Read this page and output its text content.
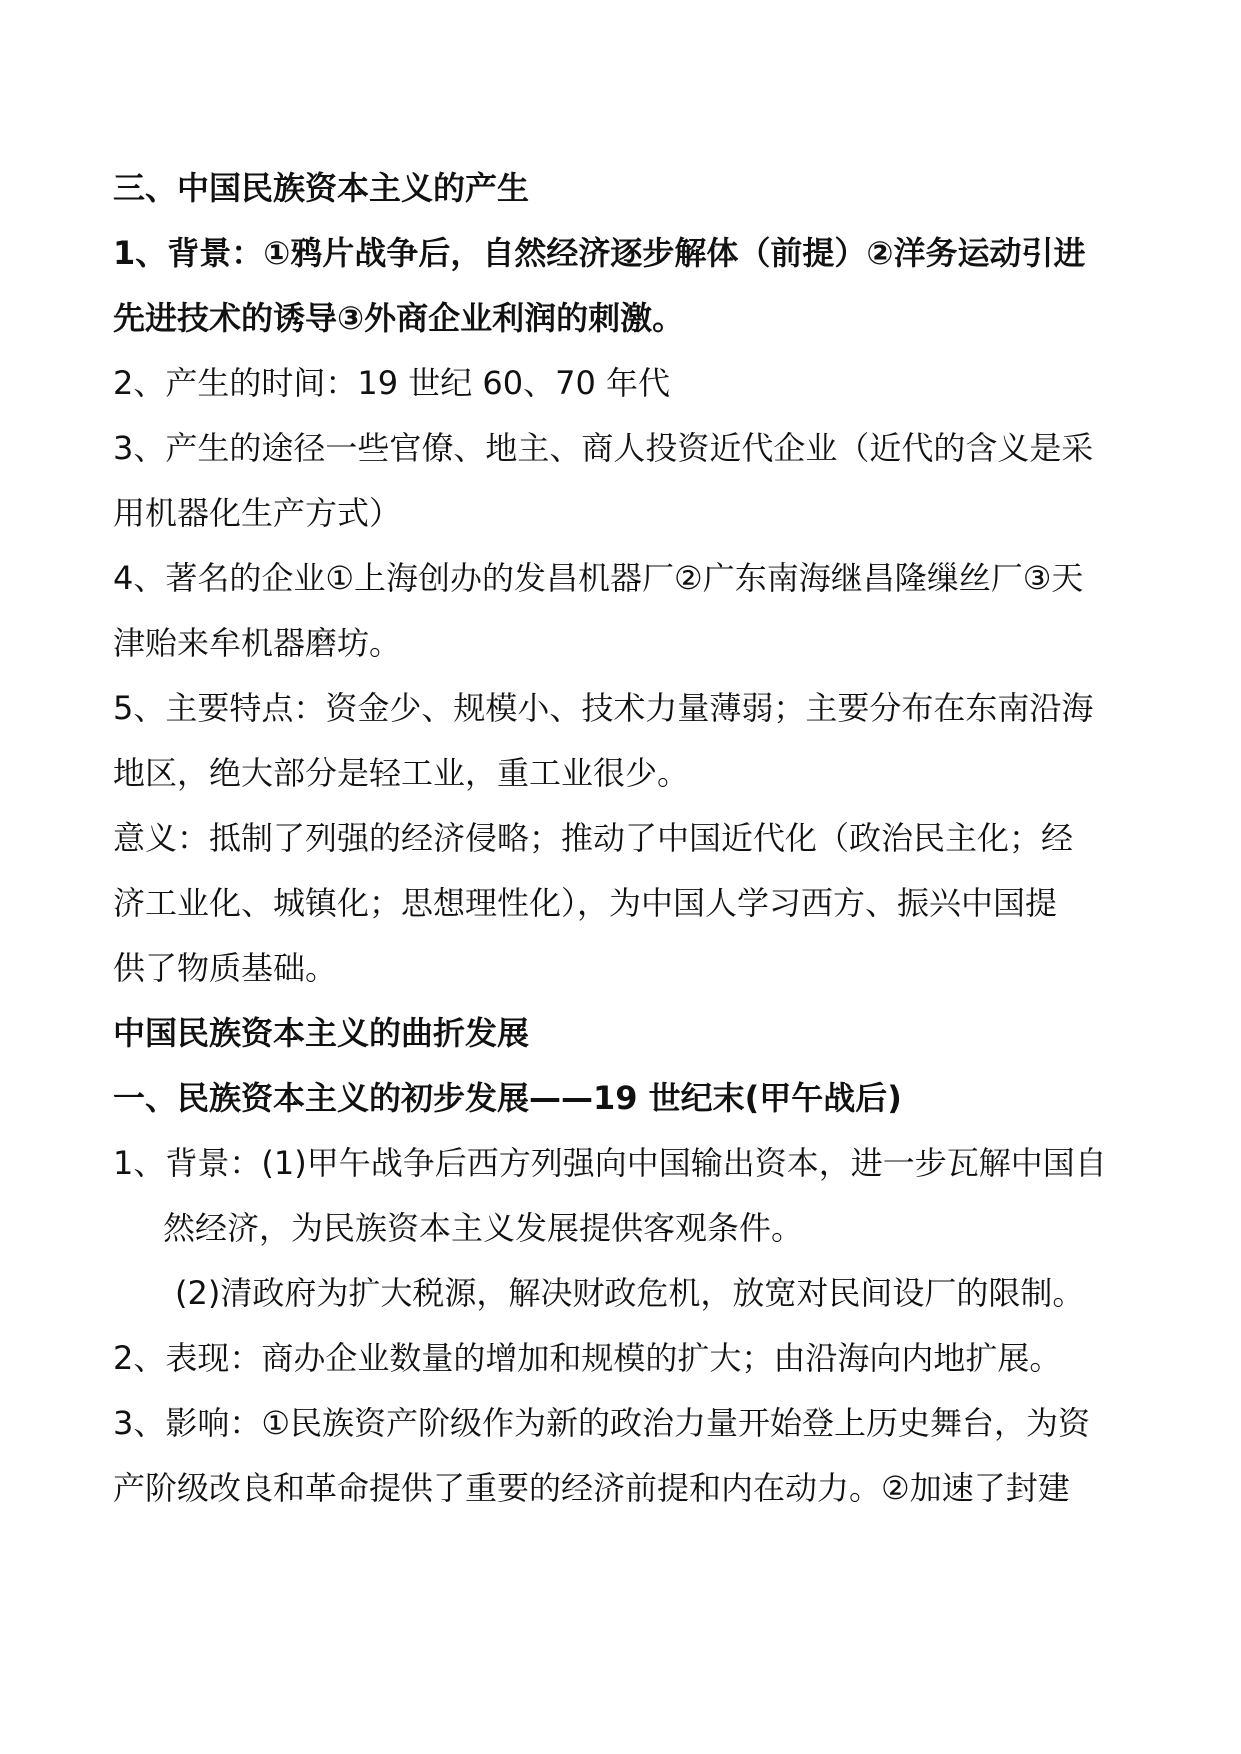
三、中国民族资本主义的产生
1、背景：①鸦片战争后，自然经济逐步解体（前提）②洋务运动引进
先进技术的诱导③外商企业利润的刺激。
2、产生的时间：19 世纪 60、70 年代
3、产生的途径一些官僚、地主、商人投资近代企业（近代的含义是采
用机器化生产方式）
4、著名的企业①上海创办的发昌机器厂②广东南海继昌隆缫丝厂③天
津贻来牟机器磨坊。
5、主要特点：资金少、规模小、技术力量薄弱；主要分布在东南沿海
地区，绝大部分是轻工业，重工业很少。
意义：抵制了列强的经济侵略；推动了中国近代化（政治民主化；经
济工业化、城镇化；思想理性化），为中国人学习西方、振兴中国提
供了物质基础。
中国民族资本主义的曲折发展
一、民族资本主义的初步发展——19 世纪末(甲午战后)
1、背景：(1)甲午战争后西方列强向中国输出资本，进一步瓦解中国自
然经济，为民族资本主义发展提供客观条件。
(2)清政府为扩大税源，解决财政危机，放宽对民间设厂的限制。
2、表现：商办企业数量的增加和规模的扩大；由沿海向内地扩展。
3、影响：①民族资产阶级作为新的政治力量开始登上历史舞台，为资
产阶级改良和革命提供了重要的经济前提和内在动力。②加速了封建
